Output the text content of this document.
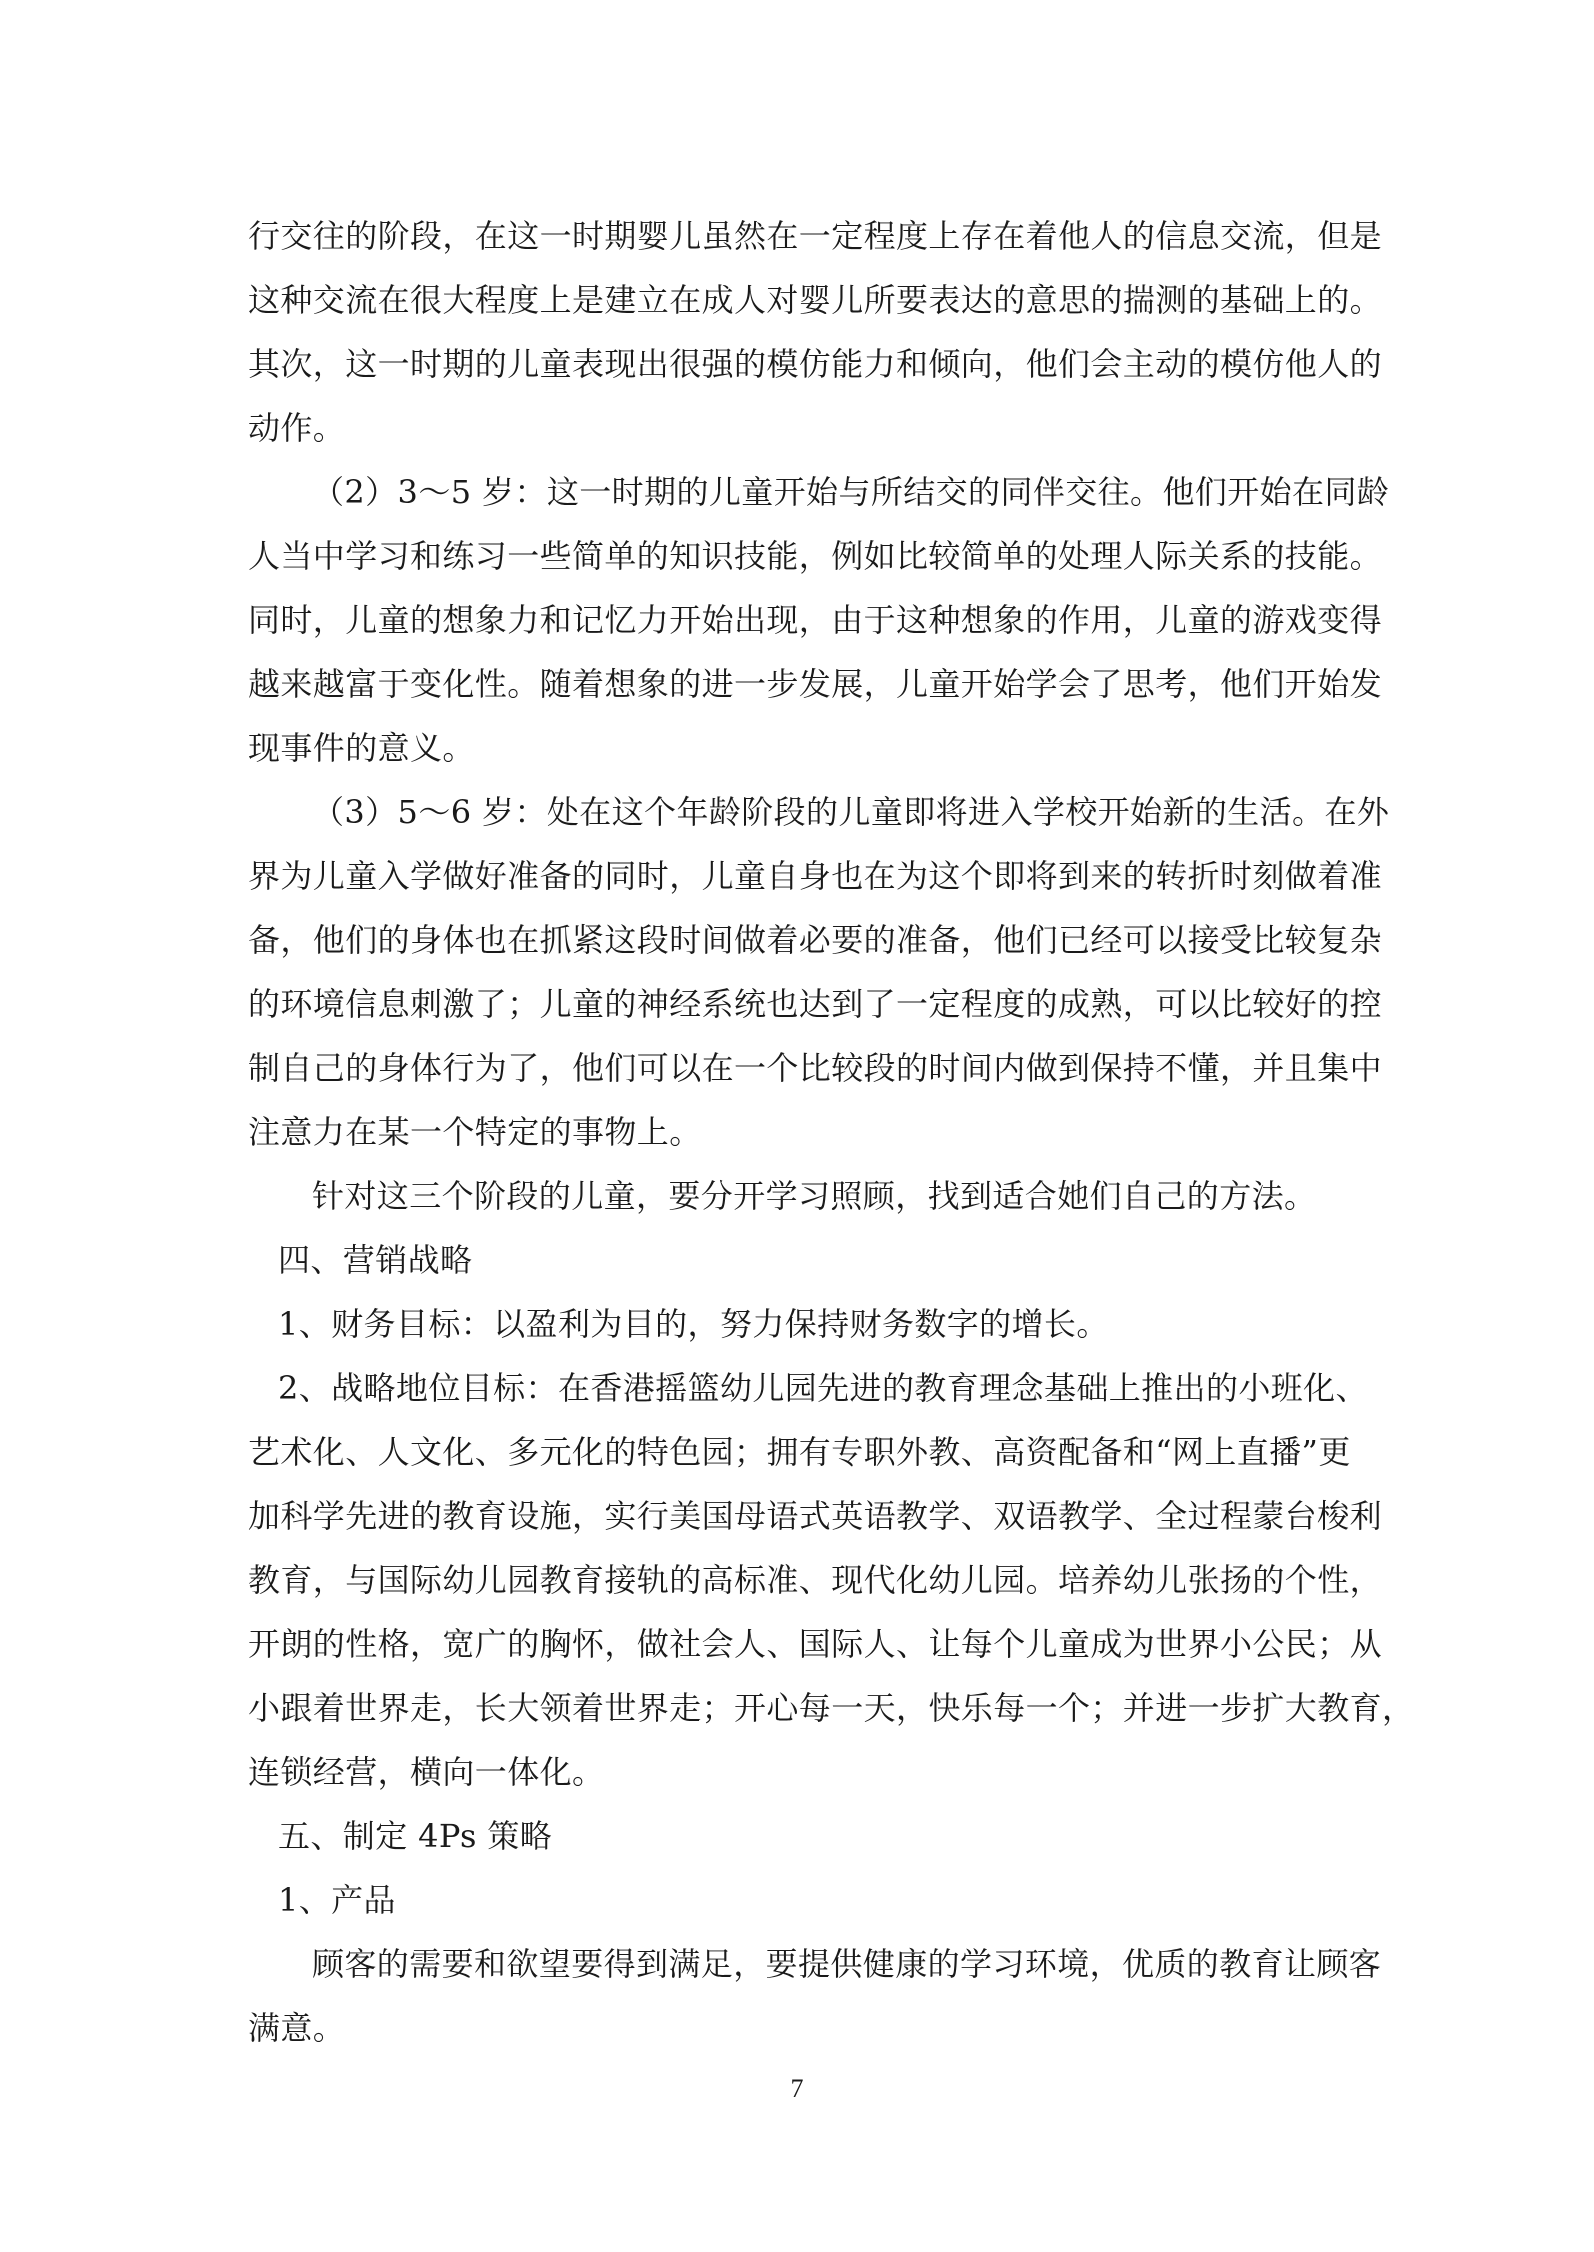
行交往的阶段，在这一时期婴儿虽然在一定程度上存在着他人的信息交流，但是
这种交流在很大程度上是建立在成人对婴儿所要表达的意思的揣测的基础上的。
其次，这一时期的儿童表现出很强的模仿能力和倾向，他们会主动的模仿他人的
动作。
（2）3～5 岁：这一时期的儿童开始与所结交的同伴交往。他们开始在同龄
人当中学习和练习一些简单的知识技能，例如比较简单的处理人际关系的技能。
同时，儿童的想象力和记忆力开始出现，由于这种想象的作用，儿童的游戏变得
越来越富于变化性。随着想象的进一步发展，儿童开始学会了思考，他们开始发
现事件的意义。
（3）5～6 岁：处在这个年龄阶段的儿童即将进入学校开始新的生活。在外
界为儿童入学做好准备的同时，儿童自身也在为这个即将到来的转折时刻做着准
备，他们的身体也在抓紧这段时间做着必要的准备，他们已经可以接受比较复杂
的环境信息刺激了；儿童的神经系统也达到了一定程度的成熟，可以比较好的控
制自己的身体行为了，他们可以在一个比较段的时间内做到保持不懂，并且集中
注意力在某一个特定的事物上。
针对这三个阶段的儿童，要分开学习照顾，找到适合她们自己的方法。
四、营销战略
1、财务目标：以盈利为目的，努力保持财务数字的增长。
2、战略地位目标：在香港摇篮幼儿园先进的教育理念基础上推出的小班化、
艺术化、人文化、多元化的特色园；拥有专职外教、高资配备和“网上直播”更
加科学先进的教育设施，实行美国母语式英语教学、双语教学、全过程蒙台梭利
教育，与国际幼儿园教育接轨的高标准、现代化幼儿园。培养幼儿张扬的个性，
开朗的性格，宽广的胸怀，做社会人、国际人、让每个儿童成为世界小公民；从
小跟着世界走，长大领着世界走；开心每一天，快乐每一个；并进一步扩大教育，
连锁经营，横向一体化。
五、制定 4Ps 策略
1、产品
顾客的需要和欲望要得到满足，要提供健康的学习环境，优质的教育让顾客
满意。
7
